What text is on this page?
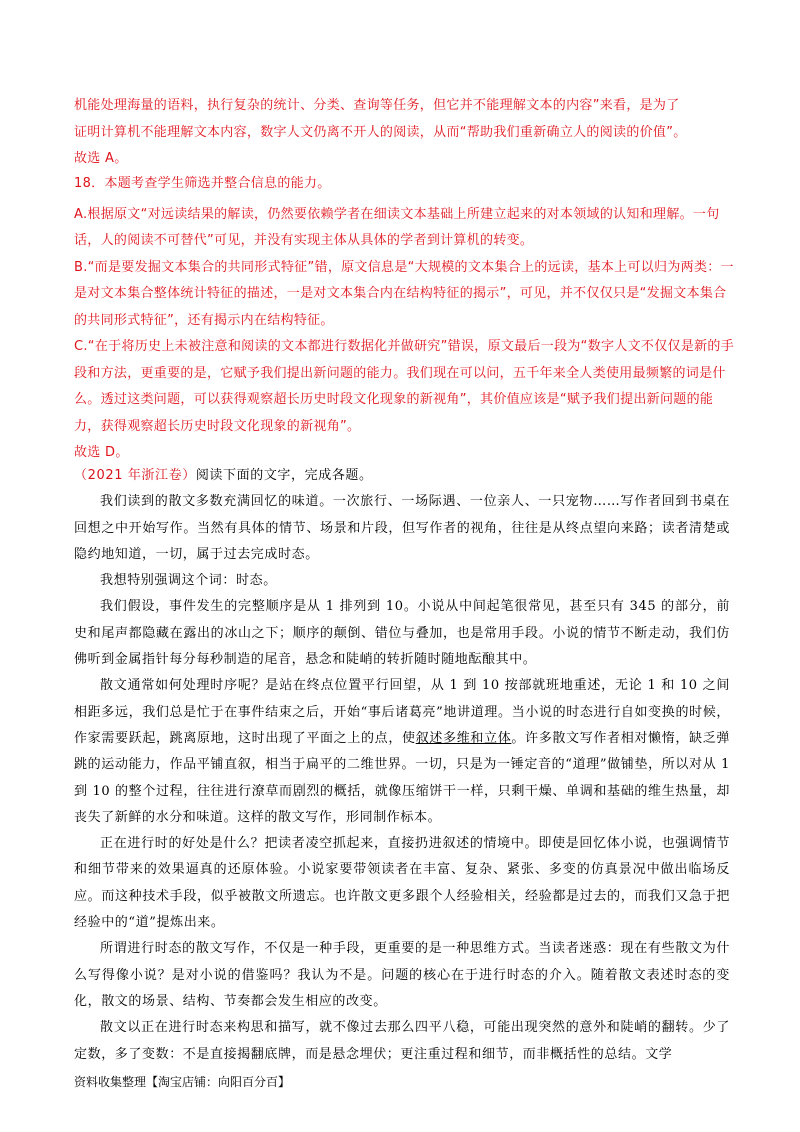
机能处理海量的语料，执行复杂的统计、分类、查询等任务，但它并不能理解文本的内容”来看，是为了

证明计算机不能理解文本内容，数字人文仍离不开人的阅读，从而“帮助我们重新确立人的阅读的价值”。

故选 A。

18．本题考查学生筛选并整合信息的能力。

A.根据原文“对远读结果的解读，仍然要依赖学者在细读文本基础上所建立起来的对本领域的认知和理解。一句话，人的阅读不可替代”可见，并没有实现主体从具体的学者到计算机的转变。

B.“而是要发掘文本集合的共同形式特征”错，原文信息是“大规模的文本集合上的远读，基本上可以归为两类：一是对文本集合整体统计特征的描述，一是对文本集合内在结构特征的揭示”，可见，并不仅仅只是“发掘文本集合的共同形式特征”，还有揭示内在结构特征。

C.“在于将历史上未被注意和阅读的文本都进行数据化并做研究”错误，原文最后一段为“数字人文不仅仅是新的手段和方法，更重要的是，它赋予我们提出新问题的能力。我们现在可以问，五千年来全人类使用最频繁的词是什么。透过这类问题，可以获得观察超长历史时段文化现象的新视角”，其价值应该是“赋予我们提出新问题的能力，获得观察超长历史时段文化现象的新视角”。

故选 D。

（2021 年浙江卷）阅读下面的文字，完成各题。

我们读到的散文多数充满回忆的味道。一次旅行、一场际遇、一位亲人、一只宠物……写作者回到书桌在回想之中开始写作。当然有具体的情节、场景和片段，但写作者的视角，往往是从终点望向来路；读者清楚或隐约地知道，一切，属于过去完成时态。

我想特别强调这个词：时态。

我们假设，事件发生的完整顺序是从 1 排列到 10。小说从中间起笔很常见，甚至只有 345 的部分，前史和尾声都隐藏在露出的冰山之下；顺序的颠倒、错位与叠加，也是常用手段。小说的情节不断走动，我们仿佛听到金属指针每分每秒制造的尾音，悬念和陡峭的转折随时随地酝酿其中。

散文通常如何处理时序呢？是站在终点位置平行回望，从 1 到 10 按部就班地重述，无论 1 和 10 之间相距多远，我们总是忙于在事件结束之后，开始“事后诸葛亮”地讲道理。当小说的时态进行自如变换的时候，作家需要跃起，跳离原地，这时出现了平面之上的点，使叙述多维和立体。许多散文写作者相对懒惰，缺乏弹跳的运动能力，作品平铺直叙，相当于扁平的二维世界。一切，只是为一锤定音的“道理”做铺垫，所以对从 1 到 10 的整个过程，往往进行潦草而剧烈的概括，就像压缩饼干一样，只剩干燥、单调和基础的维生热量，却丧失了新鲜的水分和味道。这样的散文写作，形同制作标本。

正在进行时的好处是什么？把读者凌空抓起来，直接扔进叙述的情境中。即使是回忆体小说，也强调情节和细节带来的效果逼真的还原体验。小说家要带领读者在丰富、复杂、紧张、多变的仿真景况中做出临场反应。而这种技术手段，似乎被散文所遗忘。也许散文更多跟个人经验相关，经验都是过去的，而我们又急于把经验中的“道”提炼出来。

所谓进行时态的散文写作，不仅是一种手段，更重要的是一种思维方式。当读者迷惑：现在有些散文为什么写得像小说？是对小说的借鉴吗？我认为不是。问题的核心在于进行时态的介入。随着散文表述时态的变化，散文的场景、结构、节奏都会发生相应的改变。

散文以正在进行时态来构思和描写，就不像过去那么四平八稳，可能出现突然的意外和陡峭的翻转。少了定数，多了变数：不是直接揭翻底牌，而是悬念埋伏；更注重过程和细节，而非概括性的总结。文学

资料收集整理【淘宝店铺：向阳百分百】
